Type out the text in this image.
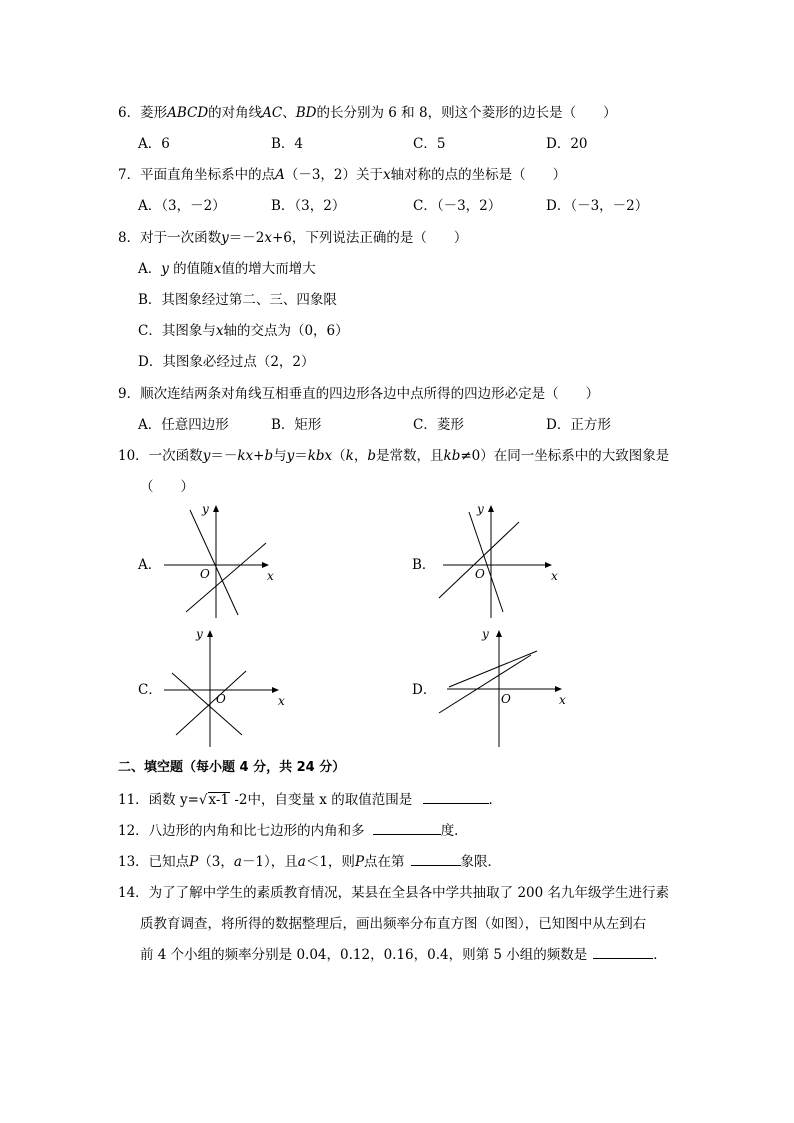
6．菱形ABCD的对角线AC、BD的长分别为 6 和 8，则这个菱形的边长是（　　）
A．6	B．4	C．5	D．20
7．平面直角坐标系中的点A（－3，2）关于x轴对称的点的坐标是（　　）
A．（3，－2）	B．（3，2）	C．（－3，2）	D．（－3，－2）
8．对于一次函数y＝－2x+6，下列说法正确的是（　　）
A．y 的值随x值的增大而增大
B．其图象经过第二、三、四象限
C．其图象与x轴的交点为（0，6）
D．其图象必经过点（2，2）
9．顺次连结两条对角线互相垂直的四边形各边中点所得的四边形必定是（　　）
A．任意四边形	B．矩形	C．菱形	D．正方形
10．一次函数y＝－kx+b与y＝kbx（k，b是常数，且kb≠0）在同一坐标系中的大致图象是
（　　）
A．	B．
C．	D．
y
x
O
y
x
O
y
x
O
y
x
O
二、填空题（每小题 4 分，共 24 分）
11．函数 y=√x-1 -2中，自变量 x 的取值范围是	．
12．八边形的内角和比七边形的内角和多	度．
13．已知点P（3，a－1），且a＜1，则P点在第	象限．
14．为了了解中学生的素质教育情况，某县在全县各中学共抽取了 200 名九年级学生进行素
质教育调查，将所得的数据整理后，画出频率分布直方图（如图），已知图中从左到右
前 4 个小组的频率分别是 0.04，0.12，0.16，0.4，则第 5 小组的频数是	．
